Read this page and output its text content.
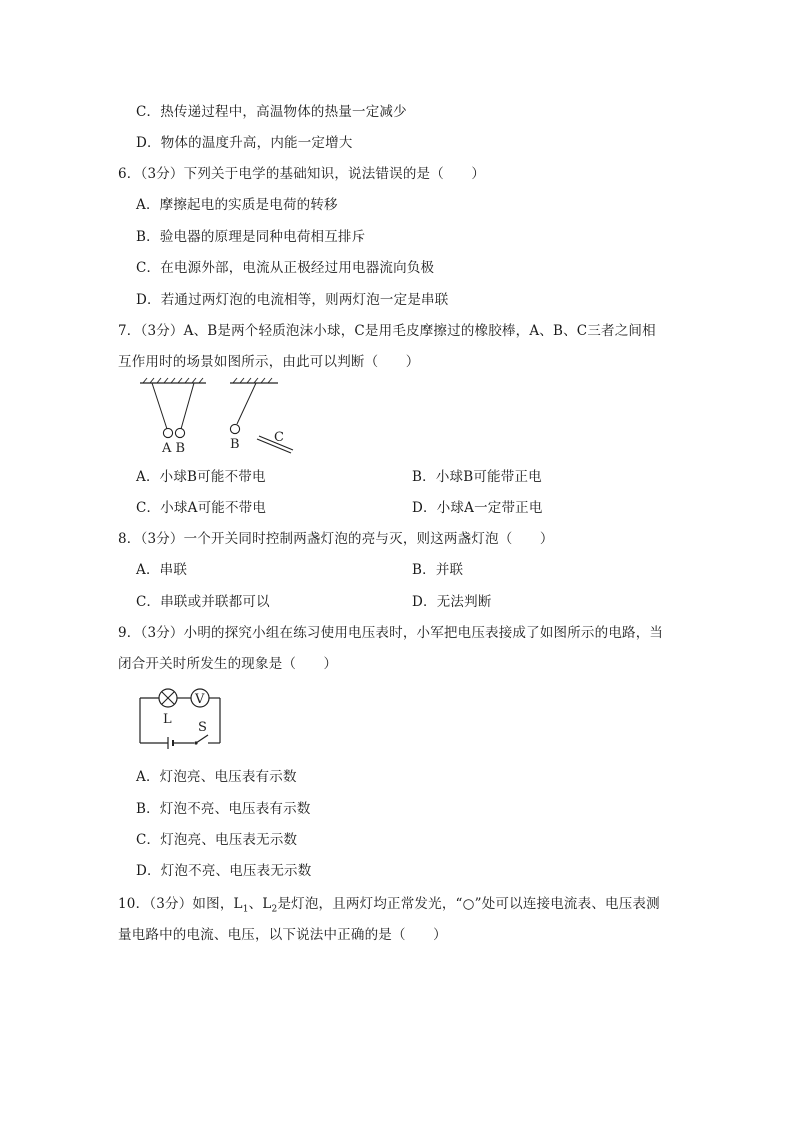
C．热传递过程中，高温物体的热量一定减少
D．物体的温度升高，内能一定增大
6．（3分）下列关于电学的基础知识，说法错误的是（　　）
A．摩擦起电的实质是电荷的转移
B．验电器的原理是同种电荷相互排斥
C．在电源外部，电流从正极经过用电器流向负极
D．若通过两灯泡的电流相等，则两灯泡一定是串联
7．（3分）A、B是两个轻质泡沫小球，C是用毛皮摩擦过的橡胶棒，A、B、C三者之间相
互作用时的场景如图所示，由此可以判断（　　）
A B	B	C
A．小球B可能不带电	B．小球B可能带正电
C．小球A可能不带电	D．小球A一定带正电
8．（3分）一个开关同时控制两盏灯泡的亮与灭，则这两盏灯泡（　　）
A．串联	B．并联
C．串联或并联都可以	D．无法判断
9．（3分）小明的探究小组在练习使用电压表时，小军把电压表接成了如图所示的电路，当
闭合开关时所发生的现象是（　　）
V
L
S
A．灯泡亮、电压表有示数
B．灯泡不亮、电压表有示数
C．灯泡亮、电压表无示数
D．灯泡不亮、电压表无示数
10．（3分）如图，$L_1$、$L_2$是灯泡，且两灯均正常发光，“○”处可以连接电流表、电压表测
量电路中的电流、电压，以下说法中正确的是（　　）
